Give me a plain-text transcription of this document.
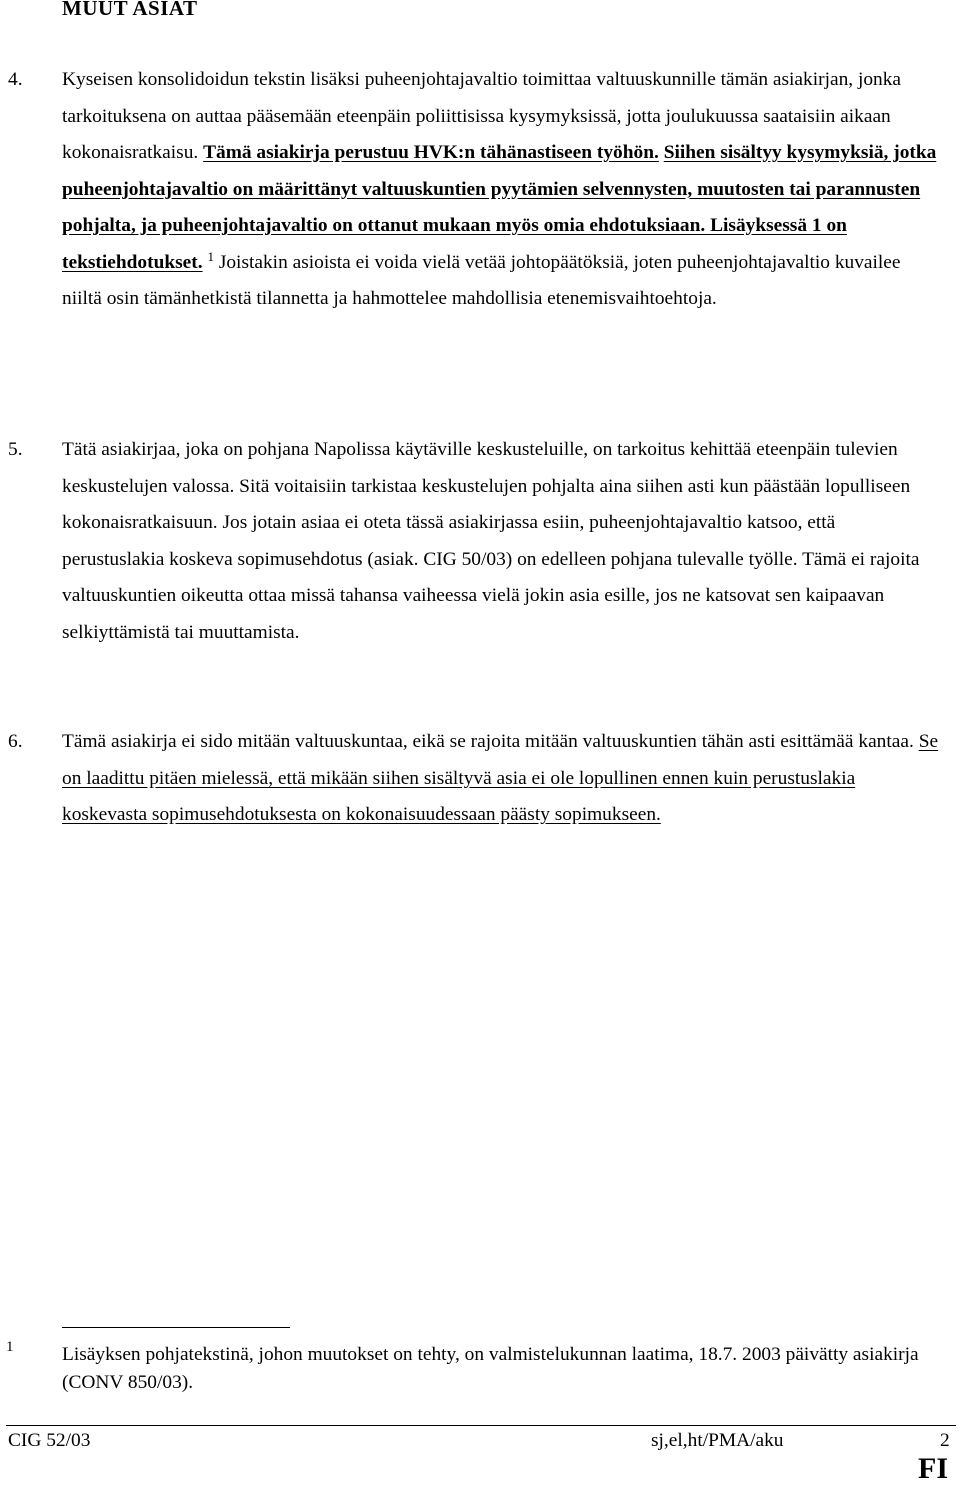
MUUT ASIAT

4. Kyseisen konsolidoidun tekstin lisäksi puheenjohtajavaltio toimittaa valtuuskunnille tämän asiakirjan, jonka tarkoituksena on auttaa pääsemään eteenpäin poliittisissa kysymyksissä, jotta joulukuussa saataisiin aikaan kokonaisratkaisu. Tämä asiakirja perustuu HVK:n tähänastiseen työhön. Siihen sisältyy kysymyksiä, jotka puheenjohtajavaltio on määrittänyt valtuuskuntien pyytämien selvennysten, muutosten tai parannusten pohjalta, ja puheenjohtajavaltio on ottanut mukaan myös omia ehdotuksiaan. Lisäyksessä 1 on tekstiehdotukset. $^1$ Joistakin asioista ei voida vielä vetää johtopäätöksiä, joten puheenjohtajavaltio kuvailee niiltä osin tämänhetkistä tilannetta ja hahmottelee mahdollisia etenemisvaihtoehtoja.

5. Tätä asiakirjaa, joka on pohjana Napolissa käytäville keskusteluille, on tarkoitus kehittää eteenpäin tulevien keskustelujen valossa. Sitä voitaisiin tarkistaa keskustelujen pohjalta aina siihen asti kun päästään lopulliseen kokonaisratkaisuun. Jos jotain asiaa ei oteta tässä asiakirjassa esiin, puheenjohtajavaltio katsoo, että perustuslakia koskeva sopimusehdotus (asiak. CIG 50/03) on edelleen pohjana tulevalle työlle. Tämä ei rajoita valtuuskuntien oikeutta ottaa missä tahansa vaiheessa vielä jokin asia esille, jos ne katsovat sen kaipaavan selkiyttämistä tai muuttamista.

6. Tämä asiakirja ei sido mitään valtuuskuntaa, eikä se rajoita mitään valtuuskuntien tähän asti esittämää kantaa. Se on laadittu pitäen mielessä, että mikään siihen sisältyvä asia ei ole lopullinen ennen kuin perustuslakia koskevasta sopimusehdotuksesta on kokonaisuudessaan päästy sopimukseen.

1	Lisäyksen pohjatekstinä, johon muutokset on tehty, on valmistelukunnan laatima, 18.7. 2003 päivätty asiakirja (CONV 850/03).

CIG 52/03	sj,el,ht/PMA/aku	2
FI
